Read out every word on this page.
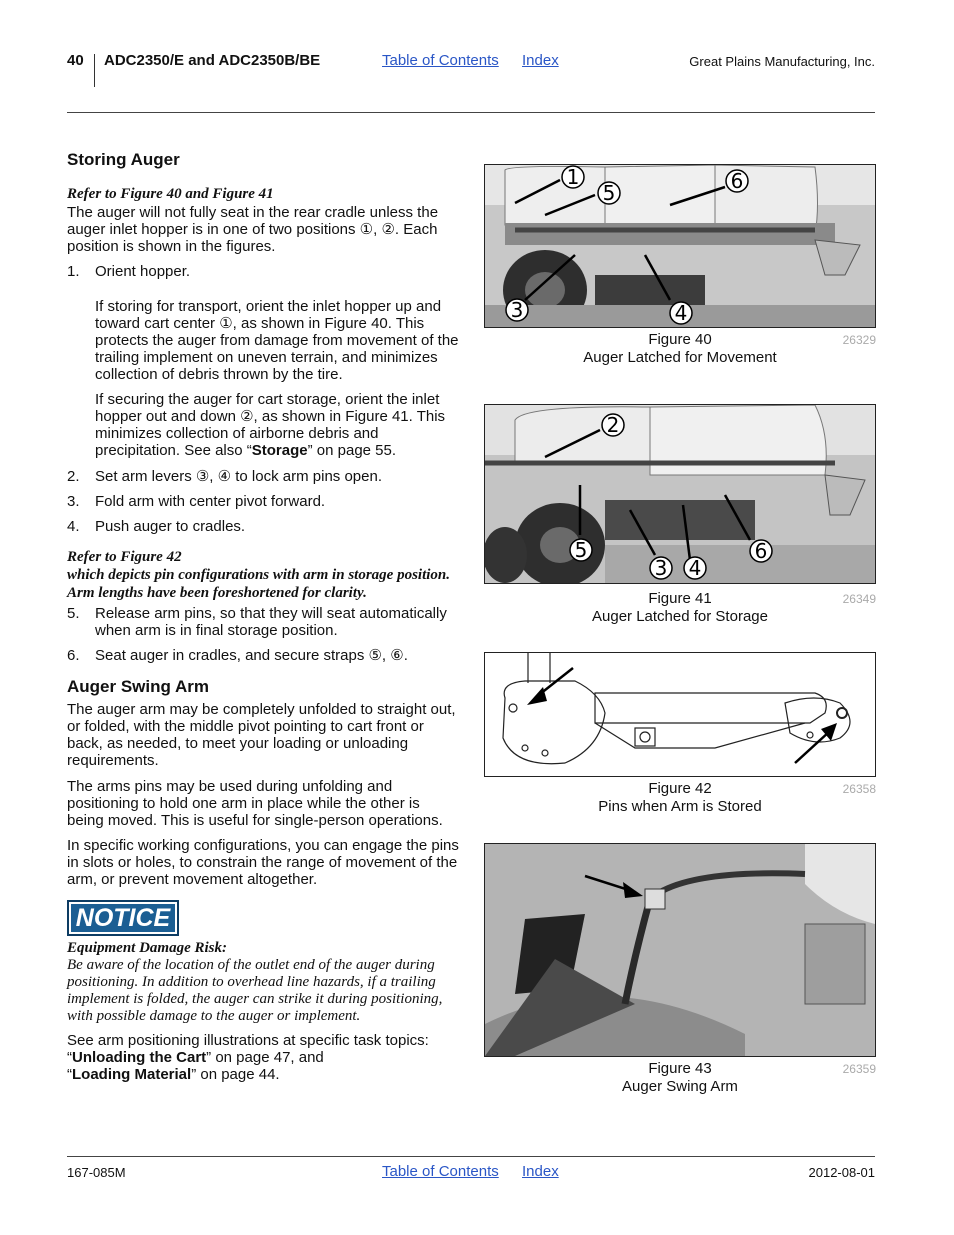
40 ADC2350/E and ADC2350B/BE	Table of Contents Index	Great Plains Manufacturing, Inc.
Storing Auger
Refer to Figure 40 and Figure 41

The auger will not fully seat in the rear cradle unless the auger inlet hopper is in one of two positions ①, ②. Each position is shown in the figures.

1. Orient hopper.

If storing for transport, orient the inlet hopper up and toward cart center ①, as shown in Figure 40. This protects the auger from damage from movement of the trailing implement on uneven terrain, and minimizes collection of debris thrown by the tire.

If securing the auger for cart storage, orient the inlet hopper out and down ②, as shown in Figure 41. This minimizes collection of airborne debris and precipitation. See also “Storage” on page 55.

2. Set arm levers ③, ④ to lock arm pins open.
3. Fold arm with center pivot forward.
4. Push auger to cradles.
Refer to Figure 42
which depicts pin configurations with arm in storage position.
Arm lengths have been foreshortened for clarity.
5. Release arm pins, so that they will seat automatically when arm is in final storage position.
6. Seat auger in cradles, and secure straps ⑤, ⑥.
Auger Swing Arm

The auger arm may be completely unfolded to straight out, or folded, with the middle pivot pointing to cart front or back, as needed, to meet your loading or unloading requirements.

The arms pins may be used during unfolding and positioning to hold one arm in place while the other is being moved. This is useful for single-person operations.

In specific working configurations, you can engage the pins in slots or holes, to constrain the range of movement of the arm, or prevent movement altogether.

NOTICE
Equipment Damage Risk:

Be aware of the location of the outlet end of the auger during positioning. In addition to overhead line hazards, if a trailing implement is folded, the auger can strike it during positioning, with possible damage to the auger or implement.

See arm positioning illustrations at specific task topics:

“Unloading the Cart” on page 47, and

“Loading Material” on page 44.

1
5	6
3	4
Figure 40
Auger Latched for Movement
26329
2
5
3 4
6
Figure 41
Auger Latched for Storage
26349
Figure 42
Pins when Arm is Stored
26358
Figure 43
Auger Swing Arm
26359
167-085M	Table of Contents Index	2012-08-01
